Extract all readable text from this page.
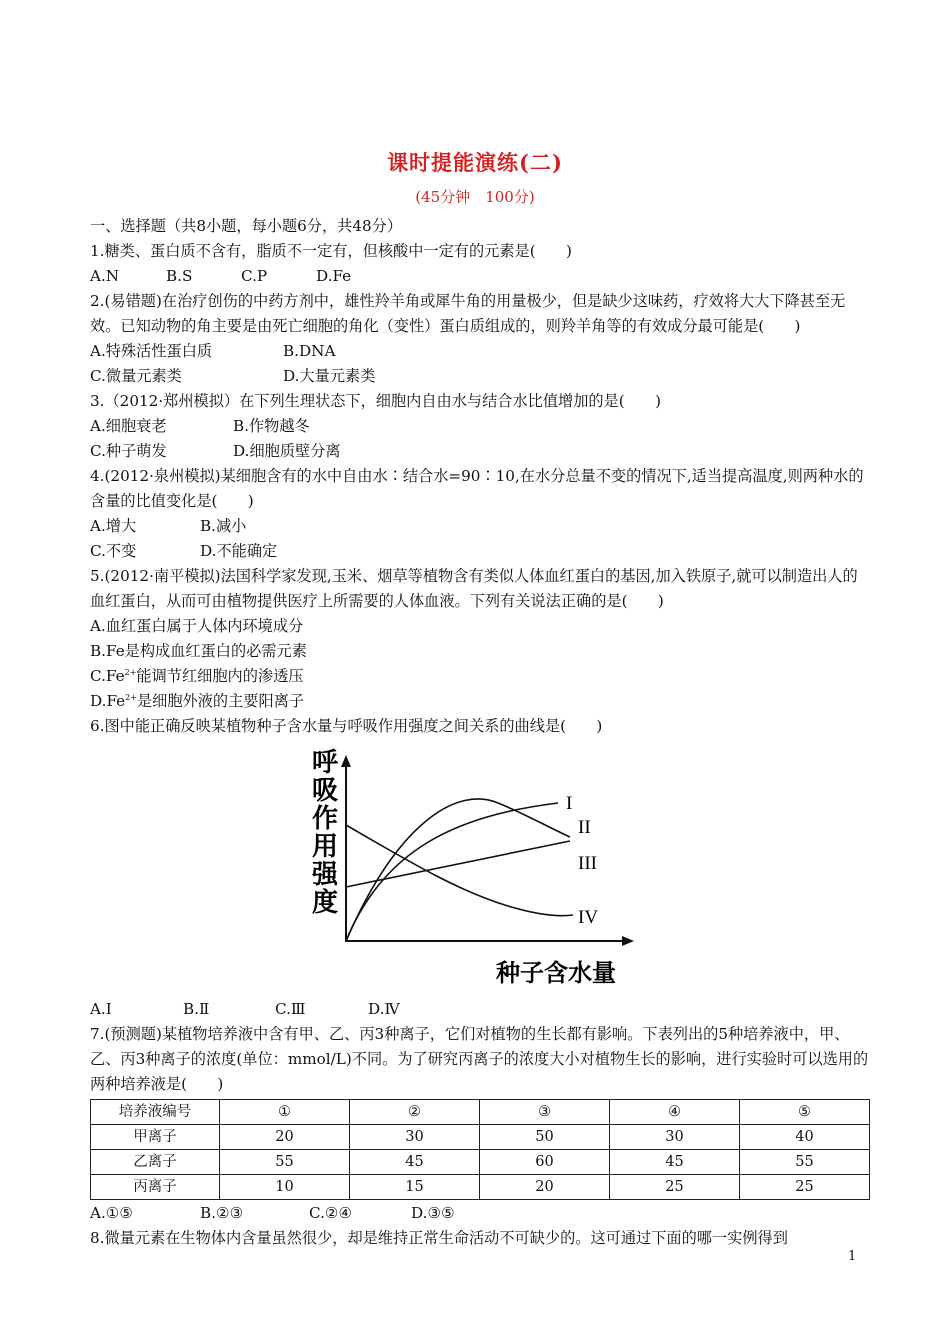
课时提能演练(二)
(45分钟　100分)
一、选择题（共8小题，每小题6分，共48分）
1.糖类、蛋白质不含有，脂质不一定有，但核酸中一定有的元素是(　　)
A.N	B.S	C.P	D.Fe
2.(易错题)在治疗创伤的中药方剂中，雄性羚羊角或犀牛角的用量极少，但是缺少这味药，疗效将大大下降甚至无效。已知动物的角主要是由死亡细胞的角化（变性）蛋白质组成的，则羚羊角等的有效成分最可能是(　　)
A.特殊活性蛋白质	B.DNA
C.微量元素类	D.大量元素类
3.（2012·郑州模拟）在下列生理状态下，细胞内自由水与结合水比值增加的是(　　)
A.细胞衰老	B.作物越冬
C.种子萌发	D.细胞质壁分离
4.(2012·泉州模拟)某细胞含有的水中自由水∶结合水=90∶10,在水分总量不变的情况下,适当提高温度,则两种水的含量的比值变化是(　　)
A.增大	B.减小
C.不变	D.不能确定
5.(2012·南平模拟)法国科学家发现,玉米、烟草等植物含有类似人体血红蛋白的基因,加入铁原子,就可以制造出人的血红蛋白，从而可由植物提供医疗上所需要的人体血液。下列有关说法正确的是(　　)
A.血红蛋白属于人体内环境成分
B.Fe是构成血红蛋白的必需元素
$C.Fe^{2+}$能调节红细胞内的渗透压
$D.Fe^{2+}$是细胞外液的主要阳离子
6.图中能正确反映某植物种子含水量与呼吸作用强度之间关系的曲线是(　　)
呼
吸
作
用
强
度
I
II
III
IV
种子含水量
A.Ⅰ	B.Ⅱ	C.Ⅲ	D.Ⅳ
7.(预测题)某植物培养液中含有甲、乙、丙3种离子，它们对植物的生长都有影响。下表列出的5种培养液中，甲、乙、丙3种离子的浓度(单位：mmol/L)不同。为了研究丙离子的浓度大小对植物生长的影响，进行实验时可以选用的两种培养液是(　　)
培养液编号	①	②	③	④	⑤
甲离子	20	30	50	30	40
乙离子	55	45	60	45	55
丙离子	10	15	20	25	25
A.①⑤	B.②③	C.②④	D.③⑤
8.微量元素在生物体内含量虽然很少，却是维持正常生命活动不可缺少的。这可通过下面的哪一实例得到
1
